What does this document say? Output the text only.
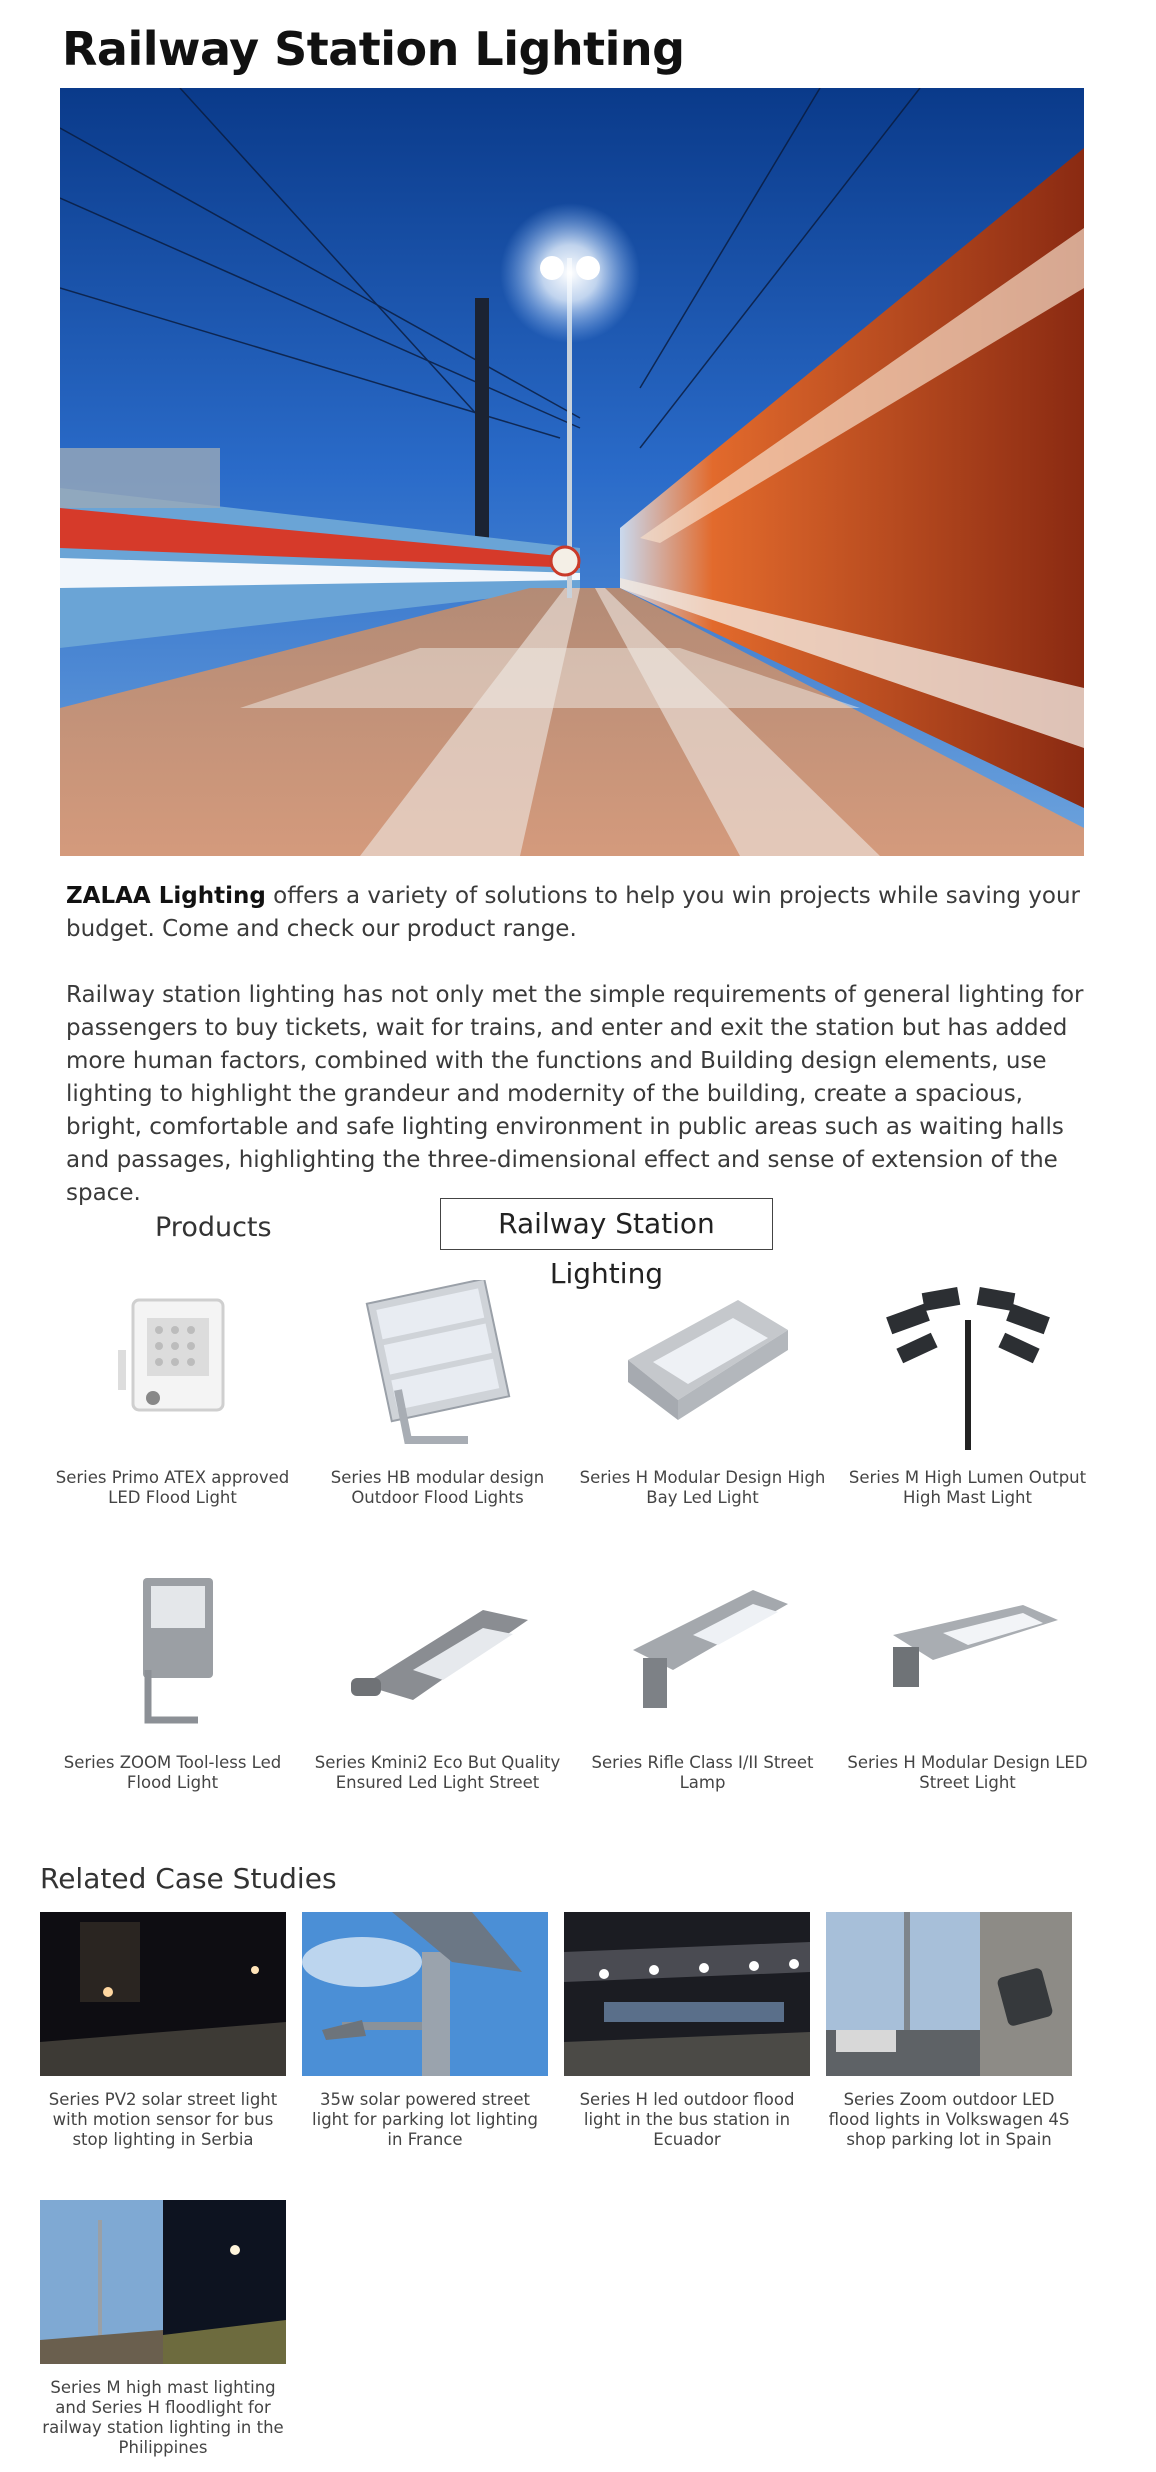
Railway Station Lighting

ZALAA Lighting offers a variety of solutions to help you win projects while saving your budget. Come and check our product range.

Railway station lighting has not only met the simple requirements of general lighting for passengers to buy tickets, wait for trains, and enter and exit the station but has added more human factors, combined with the functions and Building design elements, use lighting to highlight the grandeur and modernity of the building, create a spacious, bright, comfortable and safe lighting environment in public areas such as waiting halls and passages, highlighting the three-dimensional effect and sense of extension of the space.

Products	Railway Station Lighting
Series Primo ATEX approved LED Flood Light
Series HB modular design Outdoor Flood Lights
Series H Modular Design High Bay Led Light
Series M High Lumen Output High Mast Light
Series ZOOM Tool-less Led Flood Light
Series Kmini2 Eco But Quality Ensured Led Light Street
Series Rifle Class I/II Street Lamp
Series H Modular Design LED Street Light
Related Case Studies
Series PV2 solar street light with motion sensor for bus stop lighting in Serbia
35w solar powered street light for parking lot lighting in France
Series H led outdoor flood light in the bus station in Ecuador
Series Zoom outdoor LED flood lights in Volkswagen 4S shop parking lot in Spain
Series M high mast lighting and Series H floodlight for railway station lighting in the Philippines
